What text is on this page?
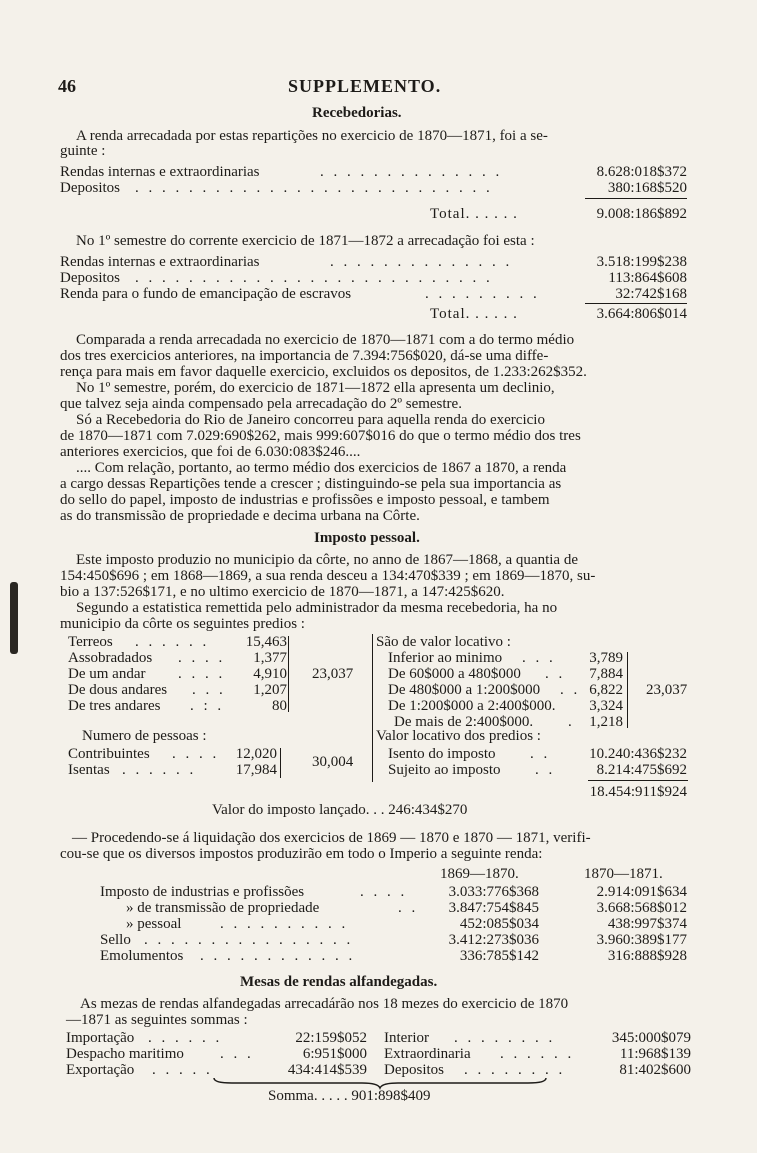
46	SUPPLEMENTO.
Recebedorias.
A renda arrecadada por estas repartições no exercicio de 1870—1871, foi a se-
guinte :
Rendas internas e extraordinarias	. . . . . . . . . . . . . .	8.628:018$372
Depositos . . . . . . . . . . . . . . . . . . . . . . . . . . .	380:168$520
Total. . . . . .	9.008:186$892
No 1º semestre do corrente exercicio de 1871—1872 a arrecadação foi esta :
Rendas internas e extraordinarias	. . . . . . . . . . . . . .	3.518:199$238
Depositos . . . . . . . . . . . . . . . . . . . . . . . . . . .	113:864$608
Renda para o fundo de emancipação de escravos	. . . . . . . . .	32:742$168
Total. . . . . .	3.664:806$014
Comparada a renda arrecadada no exercicio de 1870—1871 com a do termo médio
dos tres exercicios anteriores, na importancia de 7.394:756$020, dá-se uma diffe-
rença para mais em favor daquelle exercicio, excluidos os depositos, de 1.233:262$352.
No 1º semestre, porém, do exercicio de 1871—1872 ella apresenta um declinio,
que talvez seja ainda compensado pela arrecadação do 2º semestre.
Só a Recebedoria do Rio de Janeiro concorreu para aquella renda do exercicio
de 1870—1871 com 7.029:690$262, mais 999:607$016 do que o termo médio dos tres
anteriores exercicios, que foi de 6.030:083$246....
.... Com relação, portanto, ao termo médio dos exercicios de 1867 a 1870, a renda
a cargo dessas Repartições tende a crescer ; distinguindo-se pela sua importancia as
do sello do papel, imposto de industrias e profissões e imposto pessoal, e tambem
as do transmissão de propriedade e decima urbana na Côrte.
Imposto pessoal.
Este imposto produzio no municipio da côrte, no anno de 1867—1868, a quantia de
154:450$696 ; em 1868—1869, a sua renda desceu a 134:470$339 ; em 1869—1870, su-
bio a 137:526$171, e no ultimo exercicio de 1870—1871, a 147:425$620.
Segundo a estatistica remettida pelo administrador da mesma recebedoria, ha no
municipio da côrte os seguintes predios :
Terreos . . . . . . 15,463
Assobradados . . . . 1,377
De um andar . . . . 4,910
De dous andares . . . 1,207
De tres andares . : .	80
23,037
São de valor locativo :
Inferior ao minimo . . . 3,789
De 60$000 a 480$000 . . 7,884
De 480$000 a 1:200$000 . . 6,822
De 1:200$000 a 2:400$000. 3,324
De mais de 2:400$000. . 1,218
23,037
Numero de pessoas :
Contribuintes . . . . 12,020
Isentas . . . . . .	17,984 30,004
Valor locativo dos predios :
Isento do imposto . .	10.240:436$232
Sujeito ao imposto . .	8.214:475$692
18.454:911$924
Valor do imposto lançado. . . 246:434$270
— Procedendo-se á liquidação dos exercicios de 1869 — 1870 e 1870 — 1871, verifi-
cou-se que os diversos impostos produzirão em todo o Imperio a seguinte renda:
1869—1870.	1870—1871.
Imposto de industrias e profissões	. . . .	3.033:776$368	2.914:091$634
» de transmissão de propriedade	. . 3.847:754$845	3.668:568$012
» pessoal	. . . . . . . . . .	452:085$034	438:997$374
Sello . . . . . . . . . . . . . . . .	3.412:273$036	3.960:389$177
Emolumentos . . . . . . . . . . . .	336:785$142	316:888$928
Mesas de rendas alfandegadas.
As mezas de rendas alfandegadas arrecadárão nos 18 mezes do exercicio de 1870
—1871 as seguintes sommas :
Importação . . . . . .	22:159$052
Despacho maritimo . . .	6:951$000
Exportação . . . . .	434:414$539
Interior . . . . . . . .	345:000$079
Extraordinaria . . . . . .	11:968$139
Depositos . . . . . . . .	81:402$600
Somma. . . . . 901:898$409
